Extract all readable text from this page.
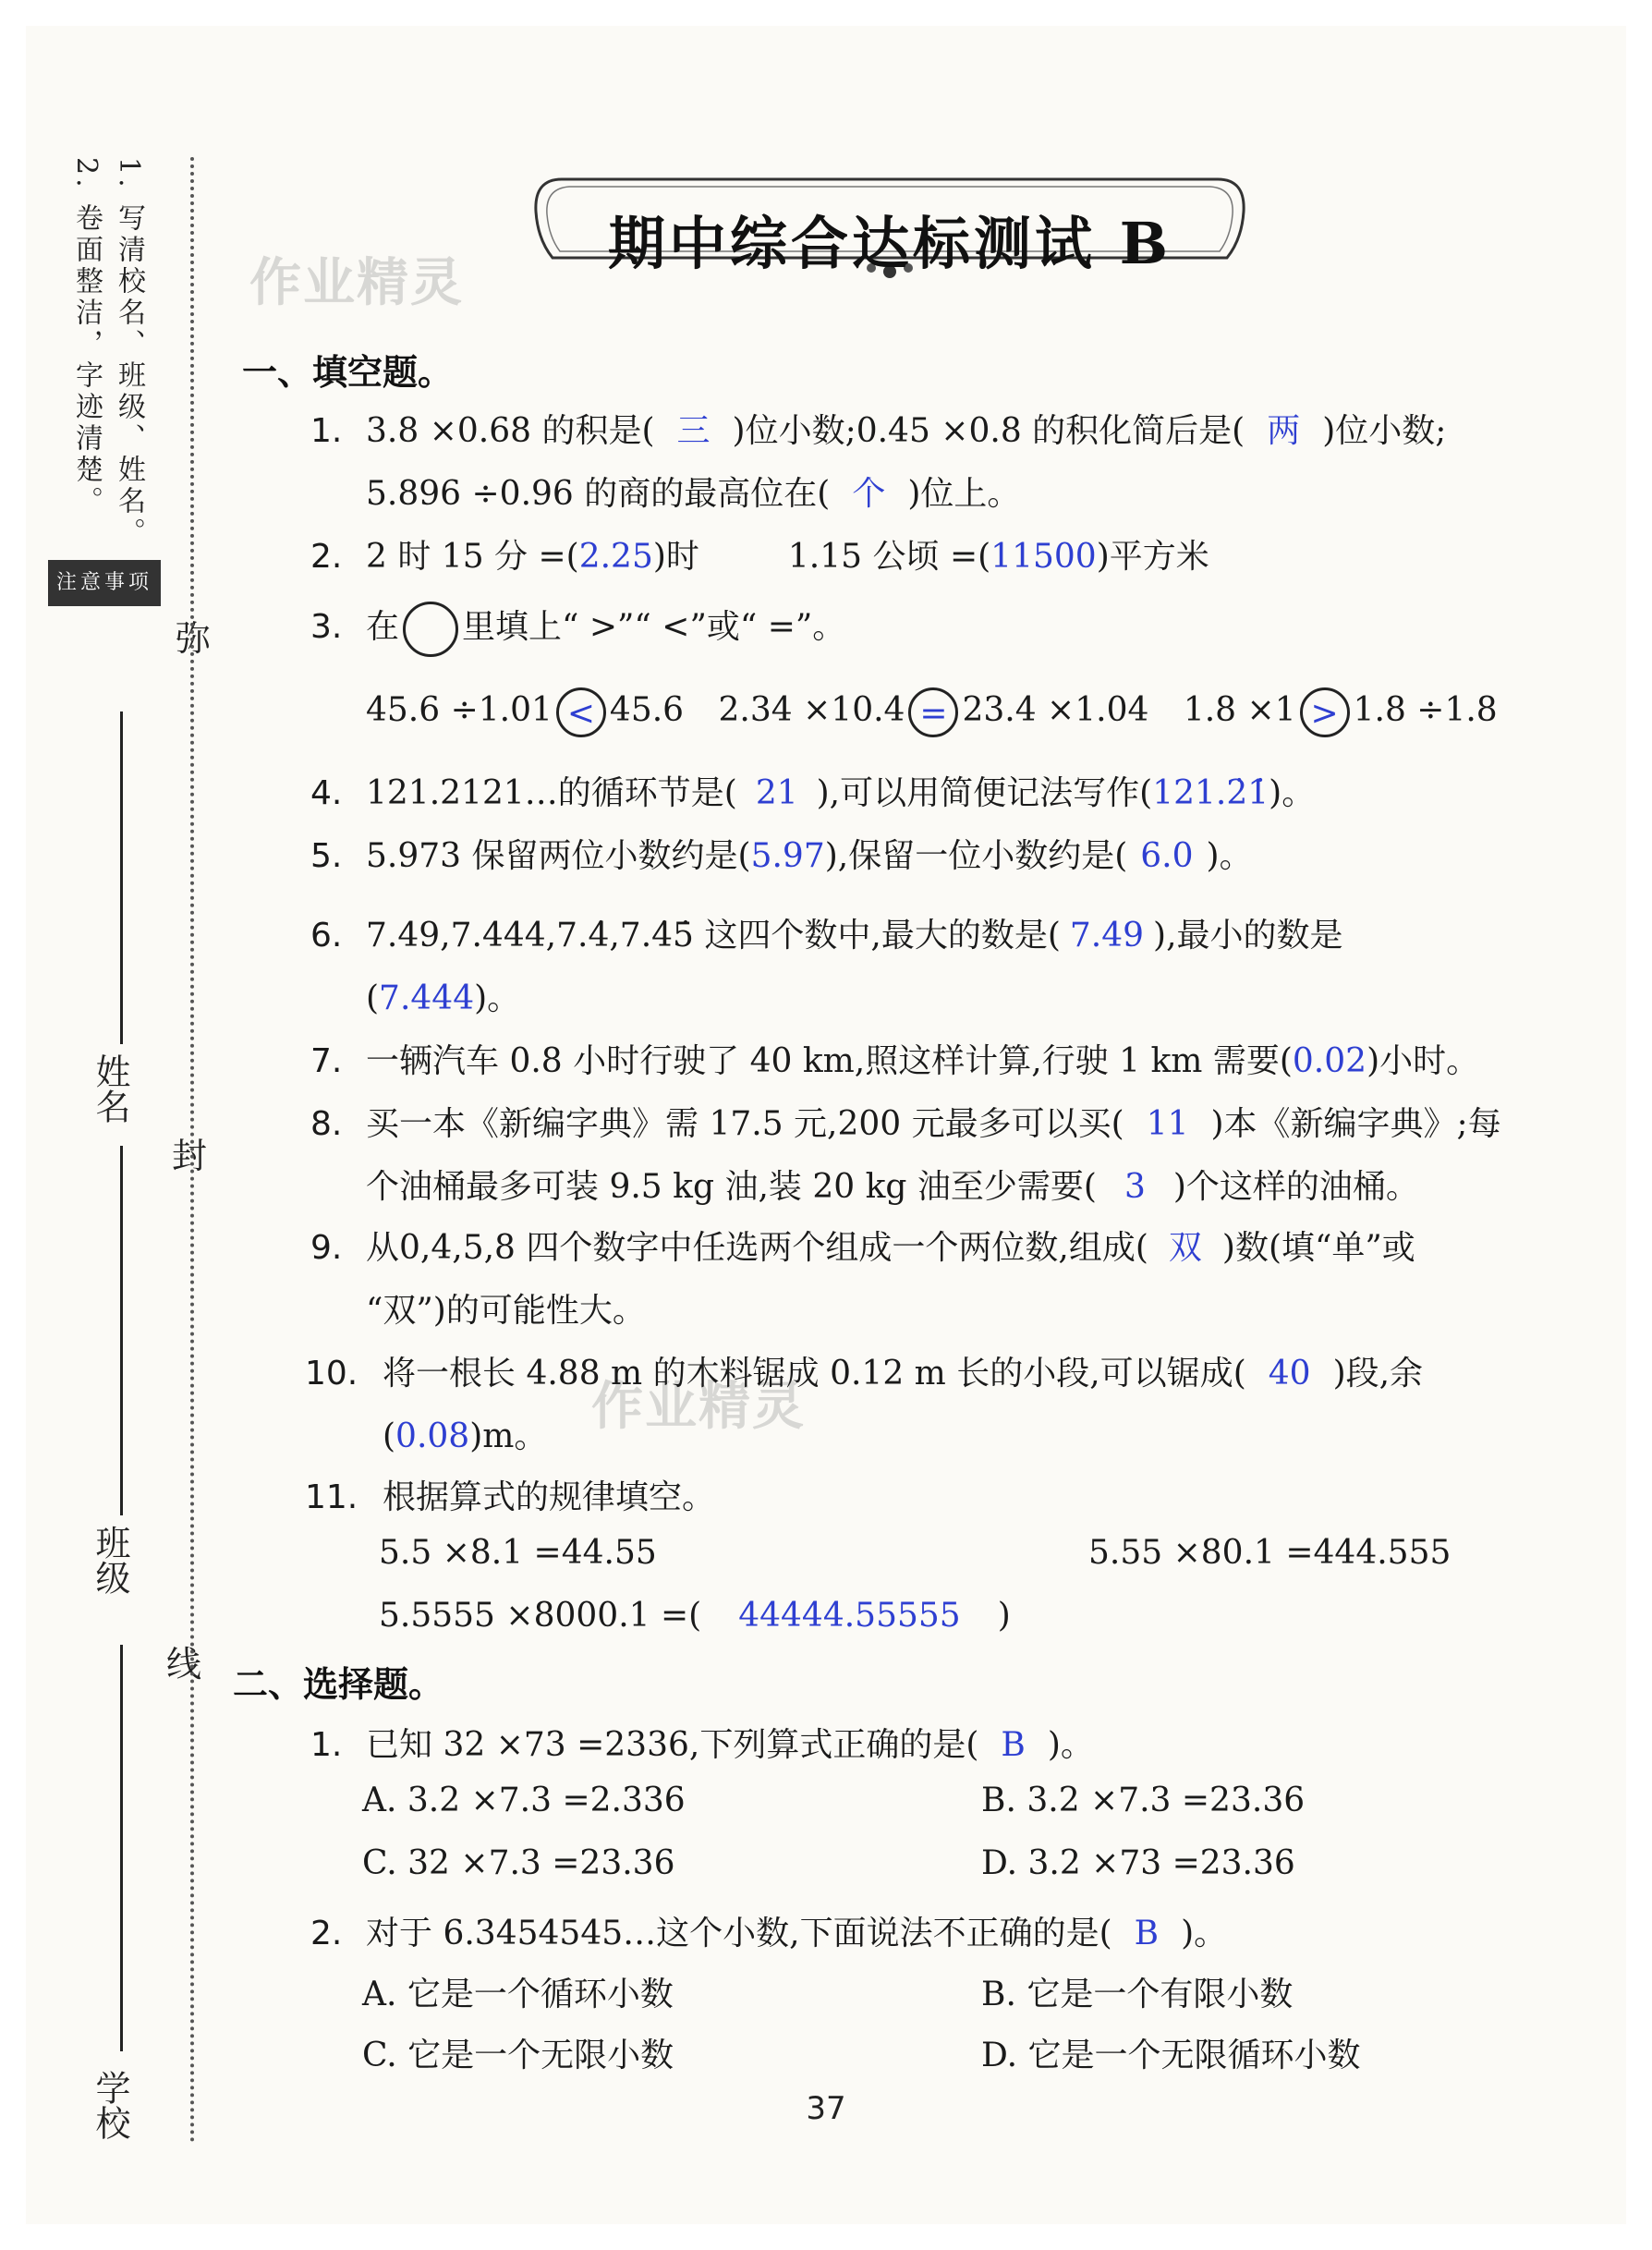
1. 写清校名、班级、姓名。
2. 卷面整洁，字迹清楚。
注意事项
弥
封
线
姓名
班级
学校
作业精灵
作业精灵
期中综合达标测试 B
一、填空题。
1. 3.8 ×0.68 的积是( 三 )位小数;0.45 ×0.8 的积化简后是( 两 )位小数;
5.896 ÷0.96 的商的最高位在( 个 )位上。
2. 2 时 15 分 =(2.25)时	1.15 公顷 =(11500)平方米
3. 在 里填上“ >”“ <”或“ =”。
45.6 ÷1.01 < 45.6 2.34 ×10.4 = 23.4 ×1.04 1.8 ×1 > 1.8 ÷1.8
4. 121.2121…的循环节是( 21 ),可以用简便记法写作(121.2̇1̇)。
5. 5.973 保留两位小数约是(5.97),保留一位小数约是( 6.0 )。
6. 7.49,7.444,7.4̇,7.4̇5̇ 这四个数中,最大的数是( 7.49 ),最小的数是
(7.444)。
7. 一辆汽车 0.8 小时行驶了 40 km,照这样计算,行驶 1 km 需要(0.02)小时。
8. 买一本《新编字典》需 17.5 元,200 元最多可以买( 11 )本《新编字典》;每
个油桶最多可装 9.5 kg 油,装 20 kg 油至少需要( 3 )个这样的油桶。
9. 从0,4,5,8 四个数字中任选两个组成一个两位数,组成( 双 )数(填“单”或
“双”)的可能性大。
10. 将一根长 4.88 m 的木料锯成 0.12 m 长的小段,可以锯成( 40 )段,余
(0.08)m。
11. 根据算式的规律填空。
5.5 ×8.1 =44.55	5.55 ×80.1 =444.555
5.5555 ×8000.1 =( 44444.55555 )
二、选择题。
1. 已知 32 ×73 =2336,下列算式正确的是( B )。
A. 3.2 ×7.3 =2.336	B. 3.2 ×7.3 =23.36
C. 32 ×7.3 =23.36	D. 3.2 ×73 =23.36
2. 对于 6.3454545…这个小数,下面说法不正确的是( B )。
A. 它是一个循环小数	B. 它是一个有限小数
C. 它是一个无限小数	D. 它是一个无限循环小数
37
